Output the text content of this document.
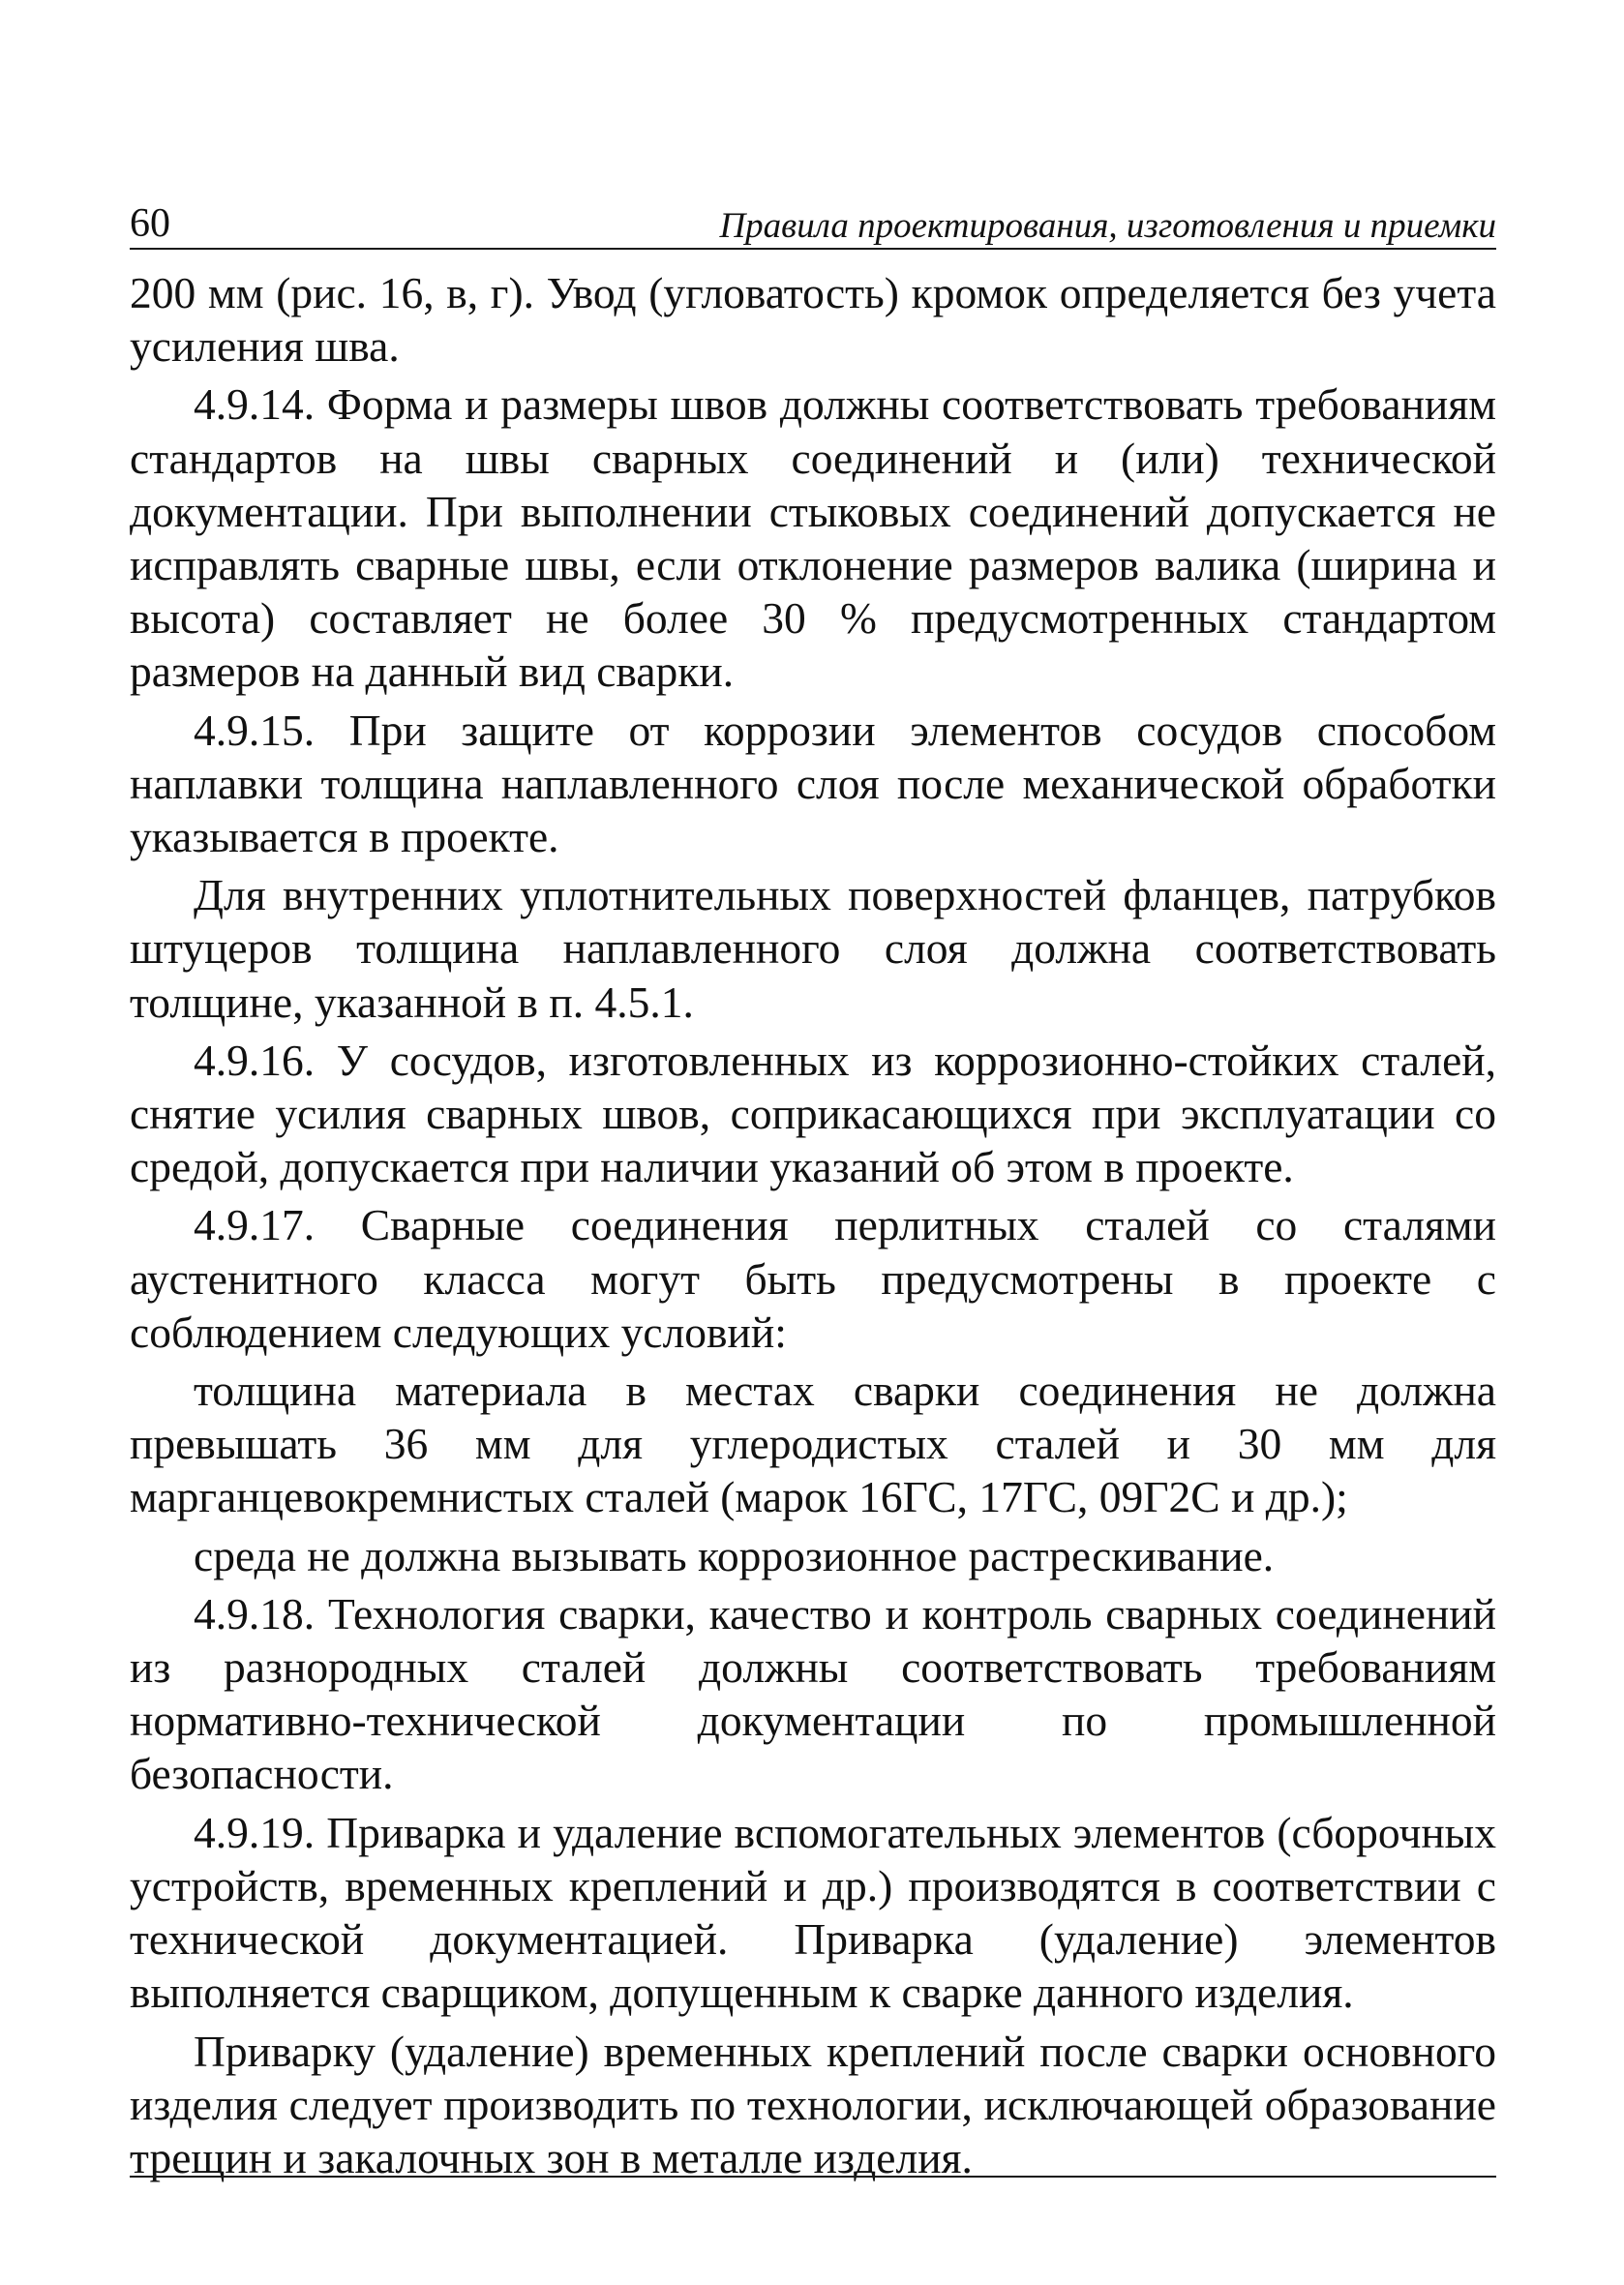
60	Правила проектирования, изготовления и приемки

200 мм (рис. 16, в, г). Увод (угловатость) кромок определяется без учета усиления шва.

4.9.14. Форма и размеры швов должны соответствовать требованиям стандартов на швы сварных соединений и (или) технической документации. При выполнении стыковых соединений допускается не исправлять сварные швы, если отклонение размеров валика (ширина и высота) составляет не более 30 % предусмотренных стандартом размеров на данный вид сварки.

4.9.15. При защите от коррозии элементов сосудов способом наплавки толщина наплавленного слоя после механической обработки указывается в проекте.

Для внутренних уплотнительных поверхностей фланцев, патрубков штуцеров толщина наплавленного слоя должна соответствовать толщине, указанной в п. 4.5.1.

4.9.16. У сосудов, изготовленных из коррозионно-стойких сталей, снятие усилия сварных швов, соприкасающихся при эксплуатации со средой, допускается при наличии указаний об этом в проекте.

4.9.17. Сварные соединения перлитных сталей со сталями аустенитного класса могут быть предусмотрены в проекте с соблюдением следующих условий:

толщина материала в местах сварки соединения не должна превышать 36 мм для углеродистых сталей и 30 мм для марганцевокремнистых сталей (марок 16ГС, 17ГС, 09Г2С и др.);

среда не должна вызывать коррозионное растрескивание.

4.9.18. Технология сварки, качество и контроль сварных соединений из разнородных сталей должны соответствовать требованиям нормативно-технической документации по промышленной безопасности.

4.9.19. Приварка и удаление вспомогательных элементов (сборочных устройств, временных креплений и др.) производятся в соответствии с технической документацией. Приварка (удаление) элементов выполняется сварщиком, допущенным к сварке данного изделия.

Приварку (удаление) временных креплений после сварки основного изделия следует производить по технологии, исключающей образование трещин и закалочных зон в металле изделия.
